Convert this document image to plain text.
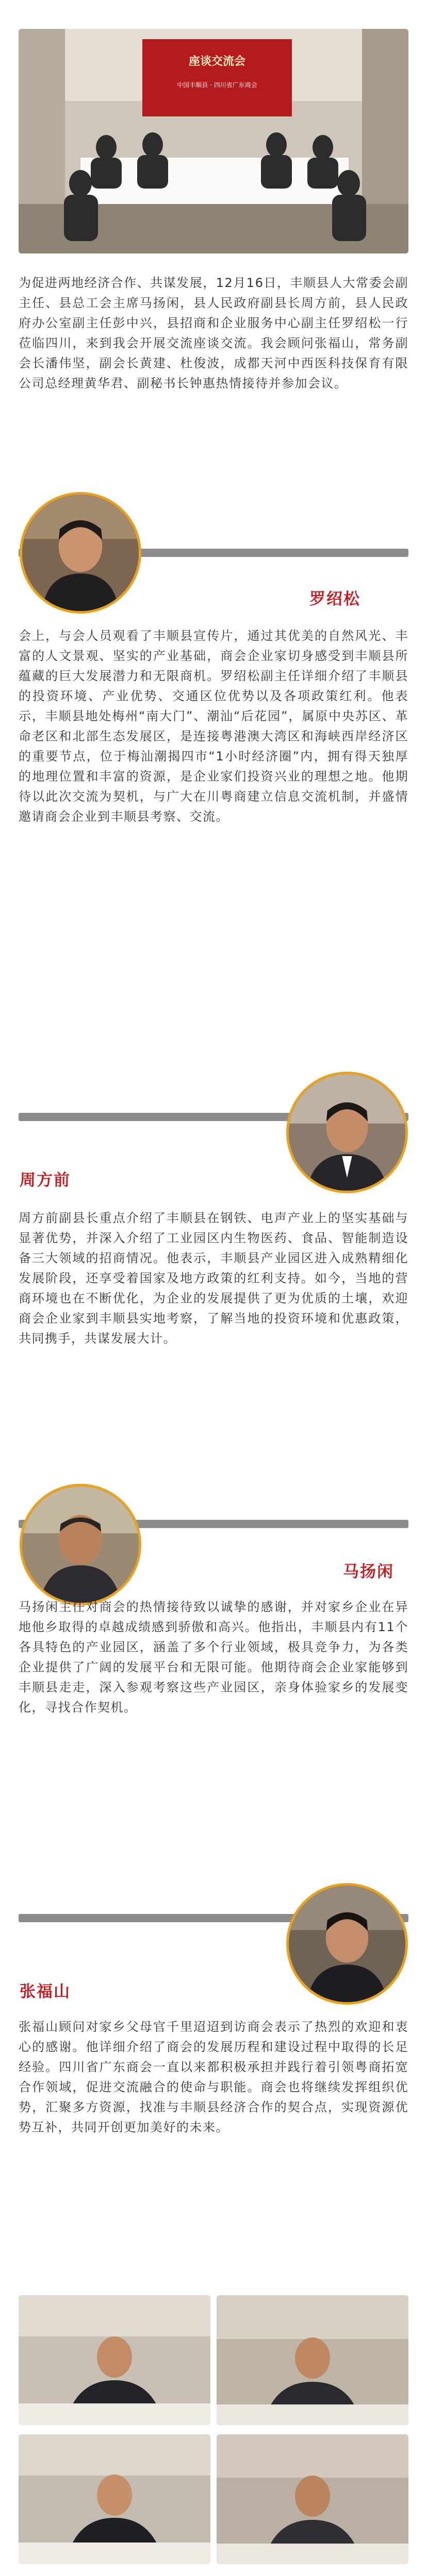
座谈交流会
中国丰顺县 · 四川省广东商会

为促进两地经济合作、共谋发展，12月16日，丰顺县人大常委会副主任、县总工会主席马扬闲，县人民政府副县长周方前，县人民政府办公室副主任彭中兴，县招商和企业服务中心副主任罗绍松一行莅临四川，来到我会开展交流座谈交流。我会顾问张福山，常务副会长潘伟坚，副会长黄建、杜俊波，成都天河中西医科技保育有限公司总经理黄华君、副秘书长钟惠热情接待并参加会议。

罗绍松

会上，与会人员观看了丰顺县宣传片，通过其优美的自然风光、丰富的人文景观、坚实的产业基础，商会企业家切身感受到丰顺县所蕴藏的巨大发展潜力和无限商机。罗绍松副主任详细介绍了丰顺县的投资环境、产业优势、交通区位优势以及各项政策红利。他表示，丰顺县地处梅州“南大门”、潮汕“后花园”，属原中央苏区、革命老区和北部生态发展区，是连接粤港澳大湾区和海峡西岸经济区的重要节点，位于梅汕潮揭四市“1小时经济圈”内，拥有得天独厚的地理位置和丰富的资源，是企业家们投资兴业的理想之地。他期待以此次交流为契机，与广大在川粤商建立信息交流机制，并盛情邀请商会企业到丰顺县考察、交流。

周方前

周方前副县长重点介绍了丰顺县在钢铁、电声产业上的坚实基础与显著优势，并深入介绍了工业园区内生物医药、食品、智能制造设备三大领域的招商情况。他表示，丰顺县产业园区进入成熟精细化发展阶段，还享受着国家及地方政策的红利支持。如今，当地的营商环境也在不断优化，为企业的发展提供了更为优质的土壤，欢迎商会企业家到丰顺县实地考察，了解当地的投资环境和优惠政策，共同携手，共谋发展大计。

马扬闲

马扬闲主任对商会的热情接待致以诚挚的感谢，并对家乡企业在异地他乡取得的卓越成绩感到骄傲和高兴。他指出，丰顺县内有11个各具特色的产业园区，涵盖了多个行业领域，极具竞争力，为各类企业提供了广阔的发展平台和无限可能。他期待商会企业家能够到丰顺县走走，深入参观考察这些产业园区，亲身体验家乡的发展变化，寻找合作契机。

张福山

张福山顾问对家乡父母官千里迢迢到访商会表示了热烈的欢迎和衷心的感谢。他详细介绍了商会的发展历程和建设过程中取得的长足经验。四川省广东商会一直以来都积极承担并践行着引领粤商拓宽合作领域，促进交流融合的使命与职能。商会也将继续发挥组织优势，汇聚多方资源，找准与丰顺县经济合作的契合点，实现资源优势互补，共同开创更加美好的未来。
